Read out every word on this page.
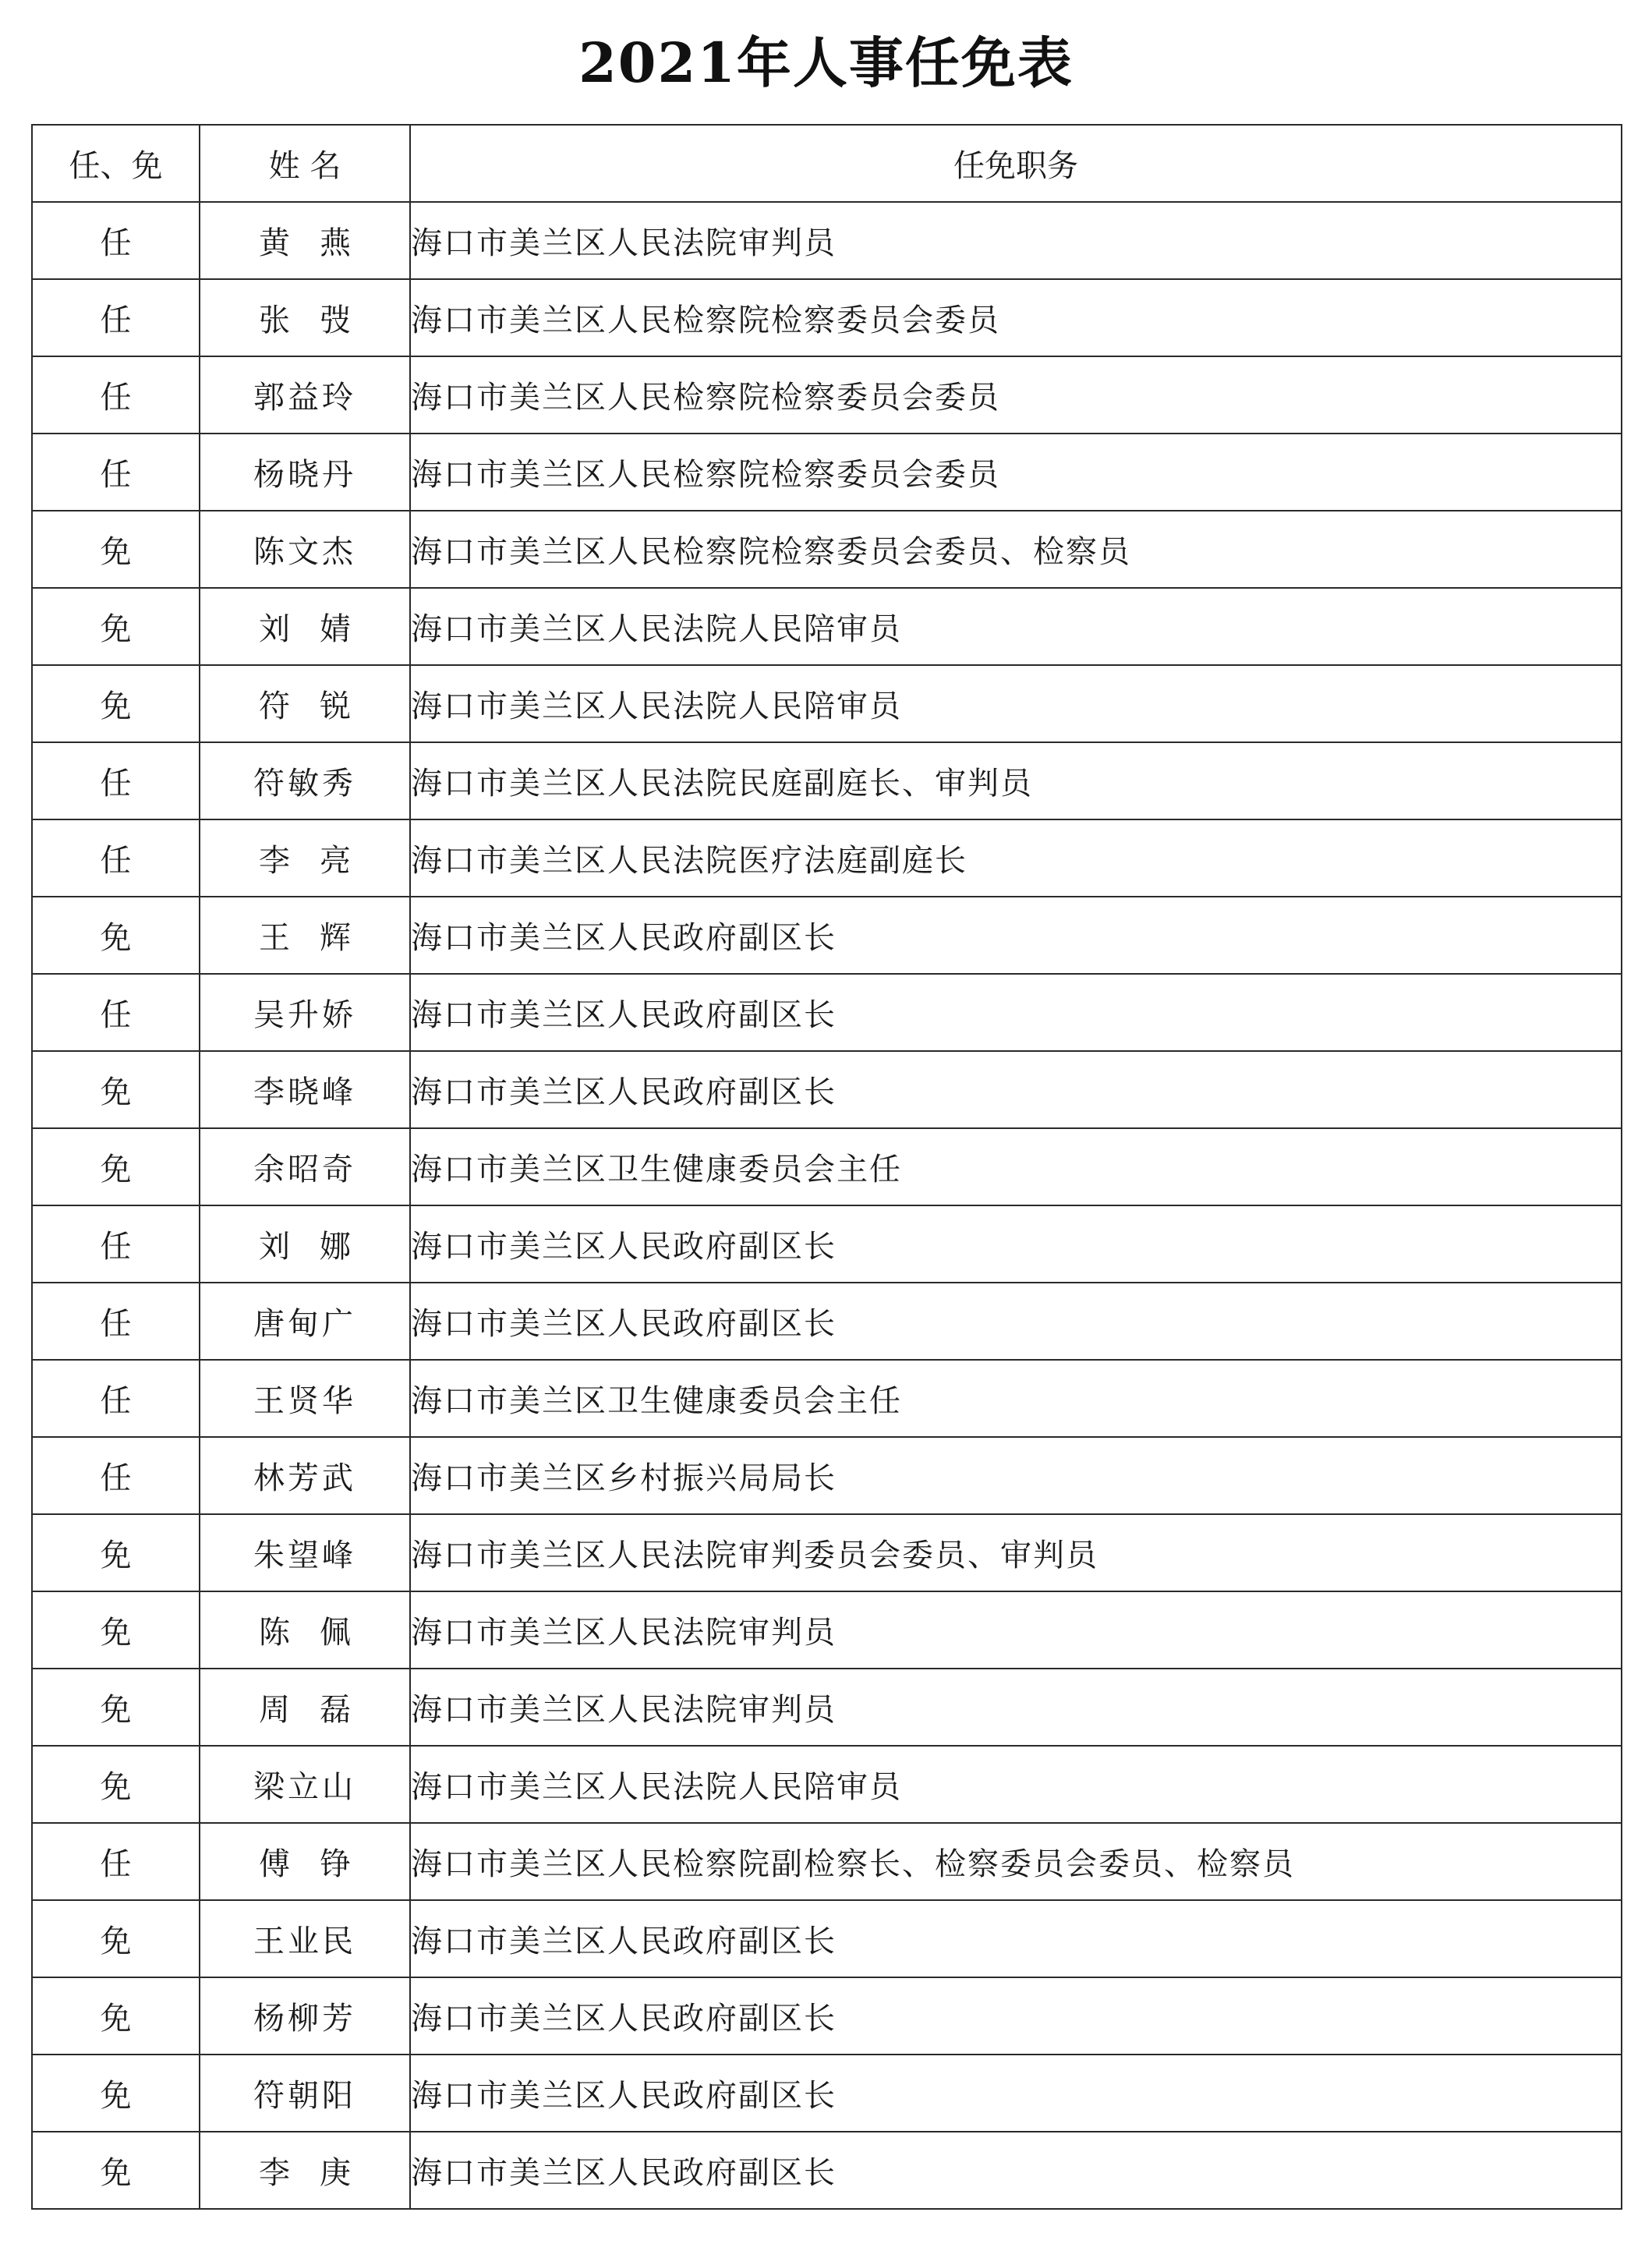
2021年人事任免表
任、免	姓 名	任免职务
任	黄燕	海口市美兰区人民法院审判员
任	张弢	海口市美兰区人民检察院检察委员会委员
任	郭益玲	海口市美兰区人民检察院检察委员会委员
任	杨晓丹	海口市美兰区人民检察院检察委员会委员
免	陈文杰	海口市美兰区人民检察院检察委员会委员、检察员
免	刘婧	海口市美兰区人民法院人民陪审员
免	符锐	海口市美兰区人民法院人民陪审员
任	符敏秀	海口市美兰区人民法院民庭副庭长、审判员
任	李亮	海口市美兰区人民法院医疗法庭副庭长
免	王辉	海口市美兰区人民政府副区长
任	吴升娇	海口市美兰区人民政府副区长
免	李晓峰	海口市美兰区人民政府副区长
免	余昭奇	海口市美兰区卫生健康委员会主任
任	刘娜	海口市美兰区人民政府副区长
任	唐甸广	海口市美兰区人民政府副区长
任	王贤华	海口市美兰区卫生健康委员会主任
任	林芳武	海口市美兰区乡村振兴局局长
免	朱望峰	海口市美兰区人民法院审判委员会委员、审判员
免	陈佩	海口市美兰区人民法院审判员
免	周磊	海口市美兰区人民法院审判员
免	梁立山	海口市美兰区人民法院人民陪审员
任	傅铮	海口市美兰区人民检察院副检察长、检察委员会委员、检察员
免	王业民	海口市美兰区人民政府副区长
免	杨柳芳	海口市美兰区人民政府副区长
免	符朝阳	海口市美兰区人民政府副区长
免	李庚	海口市美兰区人民政府副区长
